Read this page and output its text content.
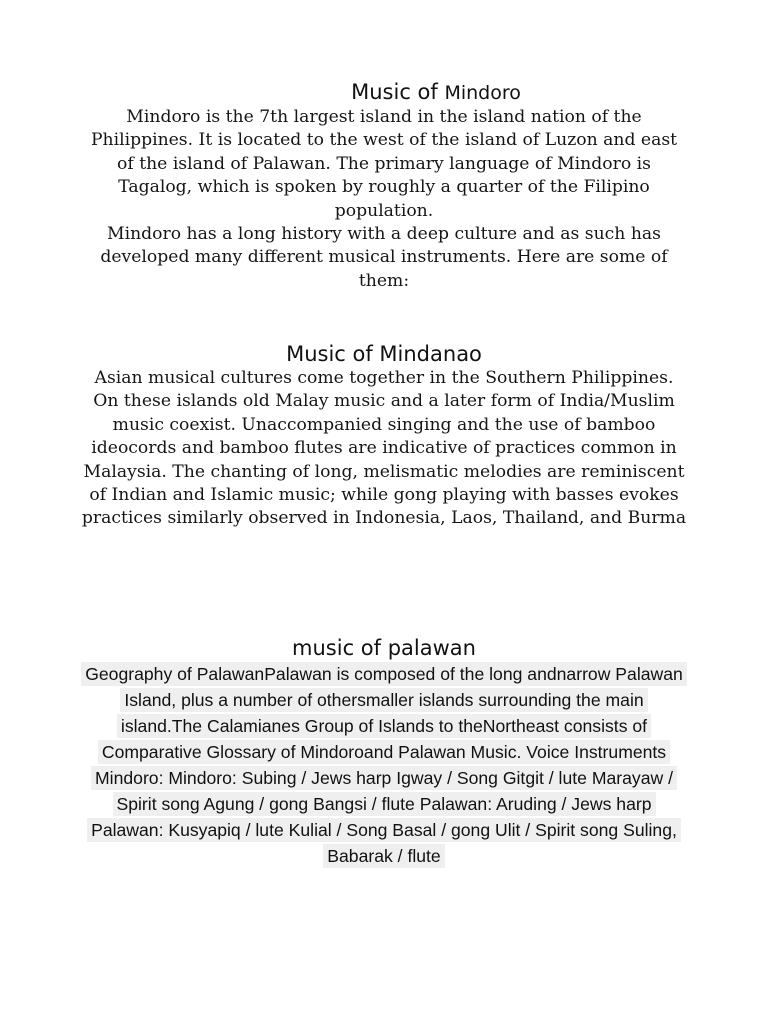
Music of Mindoro

Mindoro is the 7th largest island in the island nation of the Philippines. It is located to the west of the island of Luzon and east of the island of Palawan. The primary language of Mindoro is Tagalog, which is spoken by roughly a quarter of the Filipino population.

Mindoro has a long history with a deep culture and as such has developed many different musical instruments. Here are some of them:

Music of Mindanao

Asian musical cultures come together in the Southern Philippines. On these islands old Malay music and a later form of India/Muslim music coexist. Unaccompanied singing and the use of bamboo ideocords and bamboo flutes are indicative of practices common in Malaysia. The chanting of long, melismatic melodies are reminiscent of Indian and Islamic music; while gong playing with basses evokes practices similarly observed in Indonesia, Laos, Thailand, and Burma

music of palawan

Geography of PalawanPalawan is composed of the long andnarrow Palawan Island, plus a number of othersmaller islands surrounding the main island.The Calamianes Group of Islands to theNortheast consists of

Comparative Glossary of Mindoroand Palawan Music. Voice Instruments Mindoro: Mindoro: Subing / Jews harp Igway / Song Gitgit / lute Marayaw / Spirit song Agung / gong Bangsi / flute Palawan: Aruding / Jews harp Palawan: Kusyapiq / lute Kulial / Song Basal / gong Ulit / Spirit song Suling, Babarak / flute
